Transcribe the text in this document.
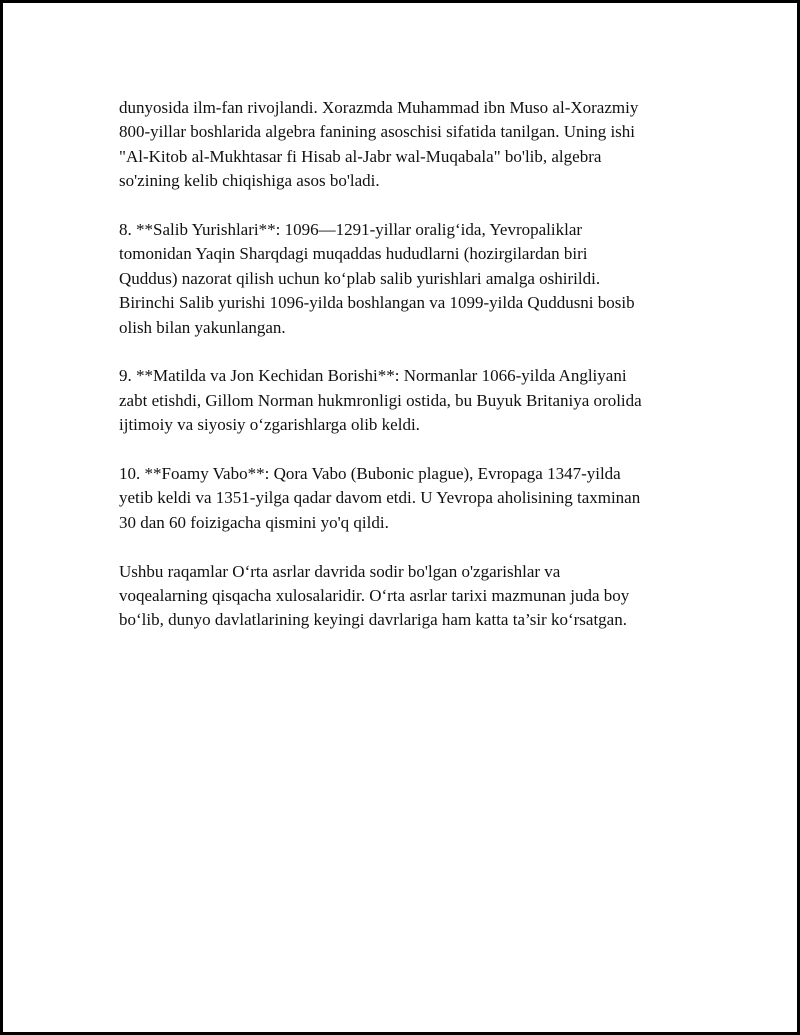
dunyosida ilm-fan rivojlandi. Xorazmda Muhammad ibn Muso al-Xorazmiy
800-yillar boshlarida algebra fanining asoschisi sifatida tanilgan. Uning ishi
"Al-Kitob al-Mukhtasar fi Hisab al-Jabr wal-Muqabala" bo'lib, algebra
so'zining kelib chiqishiga asos bo'ladi.

8. **Salib Yurishlari**: 1096—1291-yillar oralig‘ida, Yevropaliklar
tomonidan Yaqin Sharqdagi muqaddas hududlarni (hozirgilardan biri
Quddus) nazorat qilish uchun ko‘plab salib yurishlari amalga oshirildi.
Birinchi Salib yurishi 1096-yilda boshlangan va 1099-yilda Quddusni bosib
olish bilan yakunlangan.

9. **Matilda va Jon Kechidan Borishi**: Normanlar 1066-yilda Angliyani
zabt etishdi, Gillom Norman hukmronligi ostida, bu Buyuk Britaniya orolida
ijtimoiy va siyosiy o‘zgarishlarga olib keldi.

10. **Foamy Vabo**: Qora Vabo (Bubonic plague), Evropaga 1347-yilda
yetib keldi va 1351-yilga qadar davom etdi. U Yevropa aholisining taxminan
30 dan 60 foizigacha qismini yo'q qildi.

Ushbu raqamlar O‘rta asrlar davrida sodir bo'lgan o'zgarishlar va
voqealarning qisqacha xulosalaridir. O‘rta asrlar tarixi mazmunan juda boy
bo‘lib, dunyo davlatlarining keyingi davrlariga ham katta ta’sir ko‘rsatgan.
